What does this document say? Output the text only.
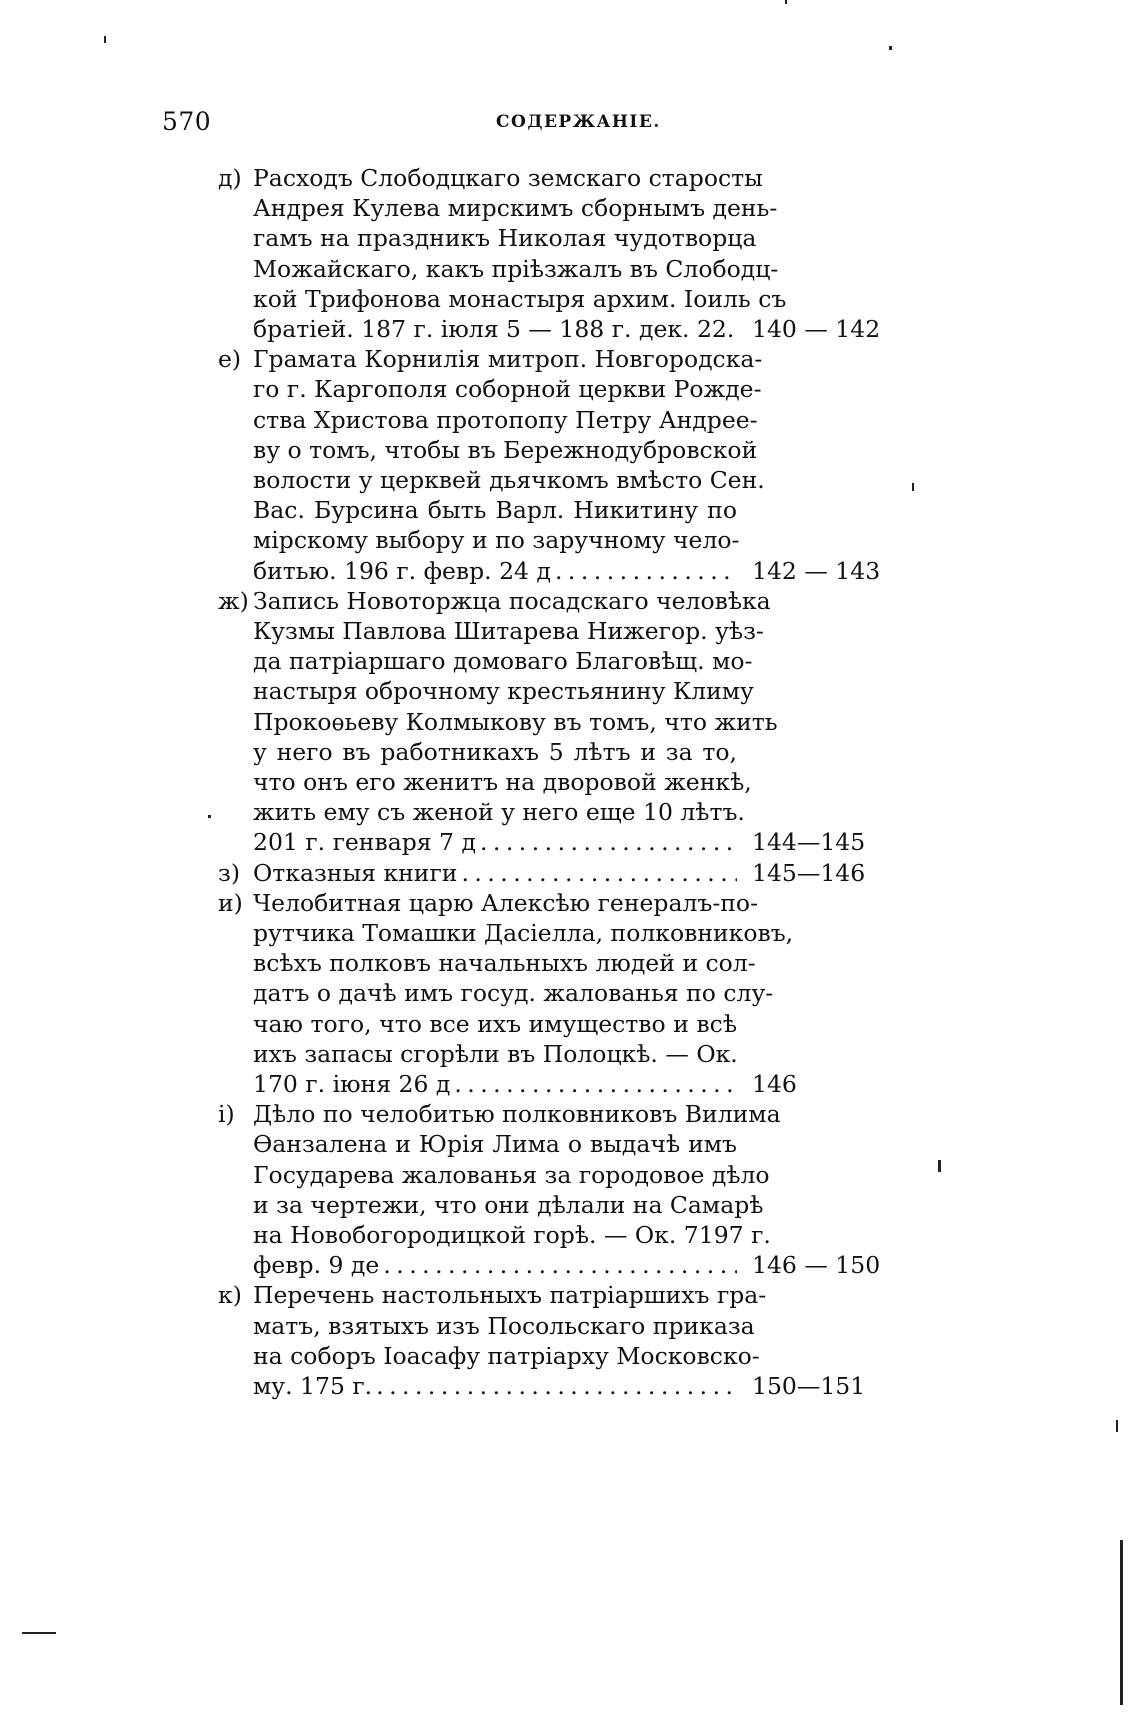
570	СОДЕРЖАНІЕ.
д) Расходъ Слободцкаго земскаго старосты
Андрея Кулева мирскимъ сборнымъ день-
гамъ на праздникъ Николая чудотворца
Можайскаго, какъ пріѣзжалъ въ Слободц-
кой Трифонова монастыря архим. Іоиль съ
братіей. 187 г. іюля 5 — 188 г. дек. 22. 140 — 142
е) Грамата Корнилія митроп. Новгородска-
го г. Каргополя соборной церкви Рожде-
ства Христова протопопу Петру Андрее-
ву о томъ, чтобы въ Бережнодубровской
волости у церквей дьячкомъ вмѣсто Сен.
Вас. Бурсина быть Варл. Никитину по
мірскому выбору и по заручному чело-
битью. 196 г. февр. 24 д . . .	142 — 143
ж) Запись Новоторжца посадскаго человѣка
Кузмы Павлова Шитарева Нижегор. уѣз-
да патріаршаго домоваго Благовѣщ. мо-
настыря оброчному крестьянину Климу
Прокоѳьеву Колмыкову въ томъ, что жить
у него въ работникахъ 5 лѣтъ и за то,
что онъ его женитъ на дворовой женкѣ,
жить ему съ женой у него еще 10 лѣтъ.
201 г. генваря 7 д . . .	144—145
з) Отказныя книги . . .	145—146
и) Челобитная царю Алексѣю генералъ-по-
рутчика Томашки Дасіелла, полковниковъ,
всѣхъ полковъ начальныхъ людей и сол-
датъ о дачѣ имъ госуд. жалованья по слу-
чаю того, что все ихъ имущество и всѣ
ихъ запасы сгорѣли въ Полоцкѣ. — Ок.
170 г. іюня 26 д . . .	146
і) Дѣло по челобитью полковниковъ Вилима
Ѳанзалена и Юрія Лима о выдачѣ имъ
Государева жалованья за городовое дѣло
и за чертежи, что они дѣлали на Самарѣ
на Новобогородицкой горѣ. — Ок. 7197 г.
февр. 9 де . . .	146 — 150
к) Перечень настольныхъ патріаршихъ гра-
матъ, взятыхъ изъ Посольскаго приказа
на соборъ Іоасафу патріарху Московско-
му. 175 г. . . .	150—151
